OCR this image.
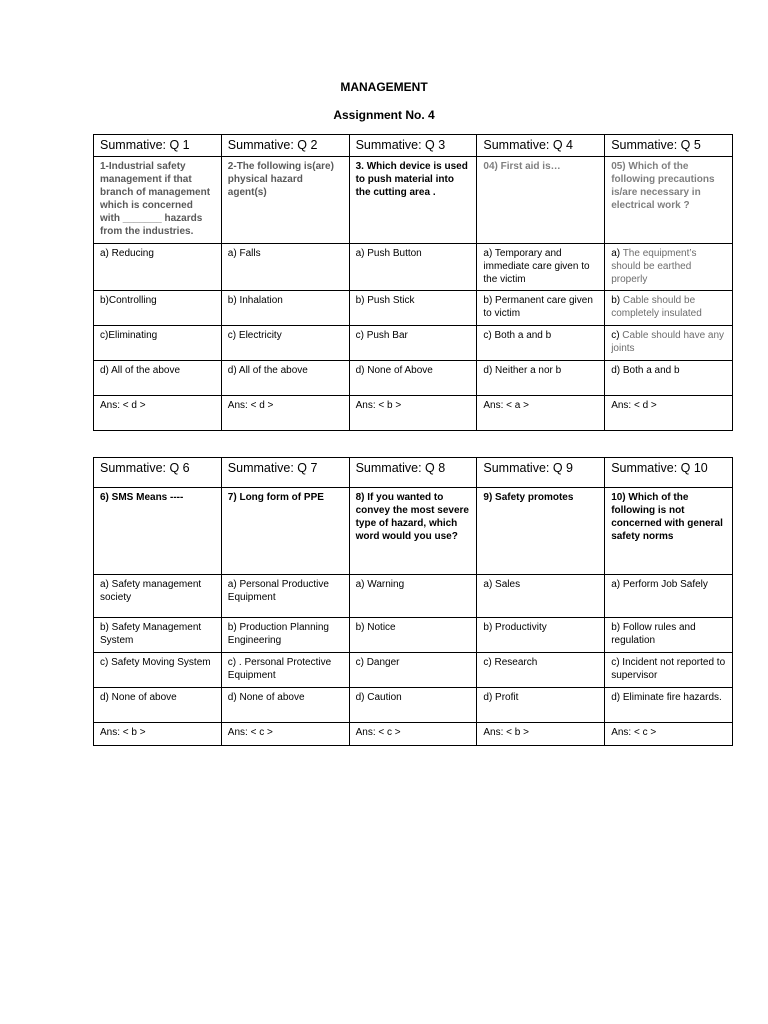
MANAGEMENT
Assignment No. 4
Summative: Q 1	Summative: Q 2	Summative: Q 3	Summative: Q 4	Summative: Q 5
1-Industrial safety management if that branch of management which is concerned with _______ hazards from the industries.	2-The following is(are) physical hazard agent(s)	3. Which device is used to push material into the cutting area .	04) First aid is…	05) Which of the following precautions is/are necessary in electrical work ?
a) Reducing	a) Falls	a) Push Button	a) Temporary and immediate care given to the victim	a) The equipment’s should be earthed properly
b)Controlling	b) Inhalation	b) Push Stick	b) Permanent care given to victim	b) Cable should be completely insulated
c)Eliminating	c) Electricity	c) Push Bar	c) Both a and b	c) Cable should have any joints
d) All of the above	d) All of the above	d) None of Above	d) Neither a nor b	d) Both a and b
Ans: < d >	Ans: < d >	Ans: < b >	Ans: < a >	Ans: < d >
Summative: Q 6	Summative: Q 7	Summative: Q 8	Summative: Q 9	Summative: Q 10
6) SMS Means ----	7) Long form of PPE	8) If you wanted to convey the most severe type of hazard, which word would you use?	9) Safety promotes	10) Which of the following is not concerned with general safety norms
a) Safety management society	a) Personal Productive Equipment	a) Warning	a) Sales	a) Perform Job Safely
b) Safety Management System	b) Production Planning Engineering	b) Notice	b) Productivity	b) Follow rules and regulation
c) Safety Moving System	c) . Personal Protective Equipment	c) Danger	c) Research	c) Incident not reported to supervisor
d) None of above	d) None of above	d) Caution	d) Profit	d) Eliminate fire hazards.
Ans: < b >	Ans: < c >	Ans: < c >	Ans: < b >	Ans: < c >
